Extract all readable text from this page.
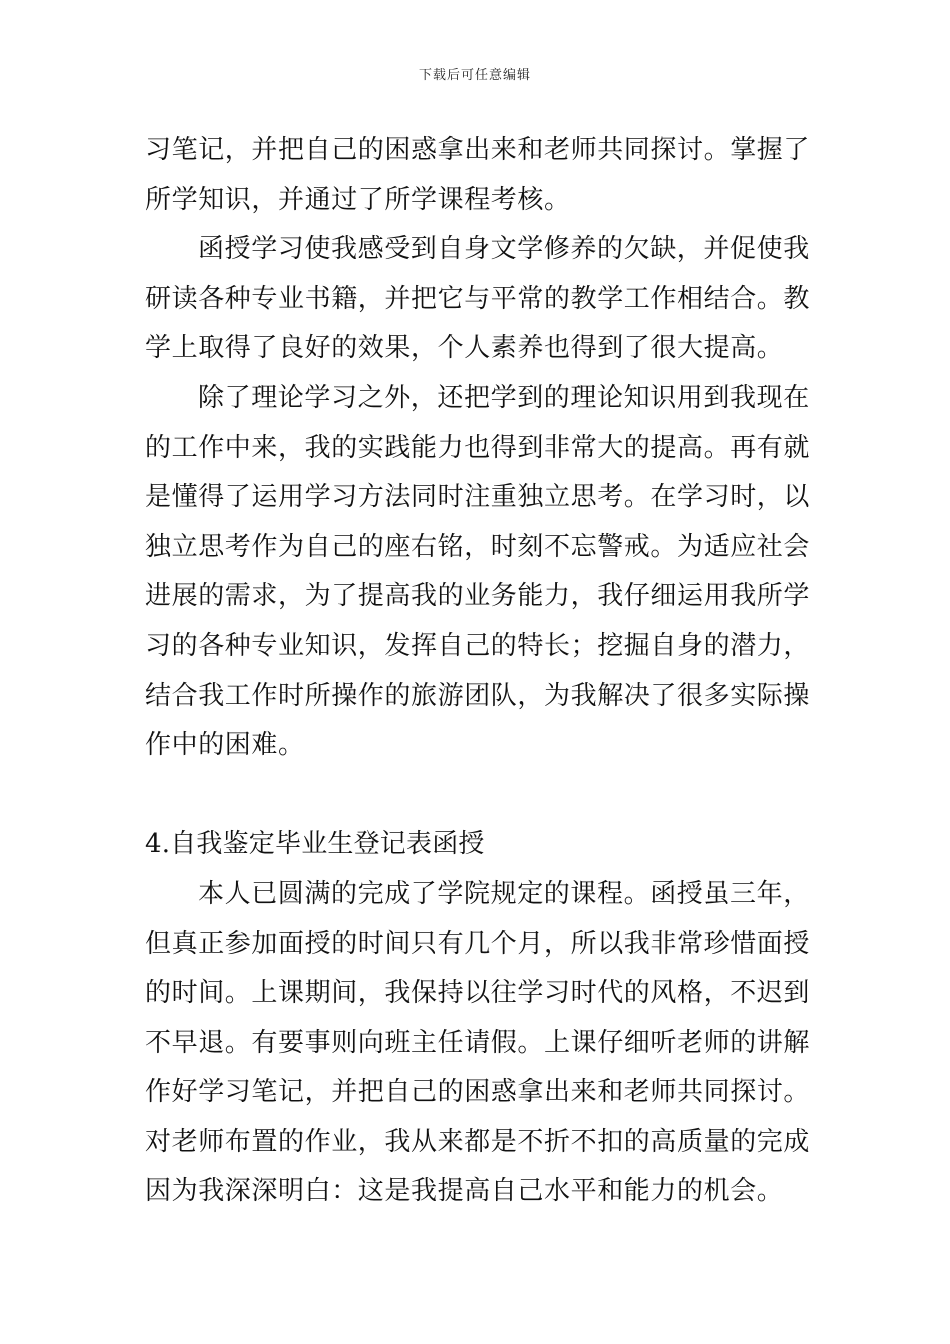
下载后可任意编辑
习笔记，并把自己的困惑拿出来和老师共同探讨。掌握了
所学知识，并通过了所学课程考核。
函授学习使我感受到自身文学修养的欠缺，并促使我
研读各种专业书籍，并把它与平常的教学工作相结合。教
学上取得了良好的效果，个人素养也得到了很大提高。
除了理论学习之外，还把学到的理论知识用到我现在
的工作中来，我的实践能力也得到非常大的提高。再有就
是懂得了运用学习方法同时注重独立思考。在学习时，以
独立思考作为自己的座右铭，时刻不忘警戒。为适应社会
进展的需求，为了提高我的业务能力，我仔细运用我所学
习的各种专业知识，发挥自己的特长；挖掘自身的潜力，
结合我工作时所操作的旅游团队，为我解决了很多实际操
作中的困难。
4.自我鉴定毕业生登记表函授
本人已圆满的完成了学院规定的课程。函授虽三年，
但真正参加面授的时间只有几个月，所以我非常珍惜面授
的时间。上课期间，我保持以往学习时代的风格，不迟到
不早退。有要事则向班主任请假。上课仔细听老师的讲解
作好学习笔记，并把自己的困惑拿出来和老师共同探讨。
对老师布置的作业，我从来都是不折不扣的高质量的完成
因为我深深明白：这是我提高自己水平和能力的机会。
